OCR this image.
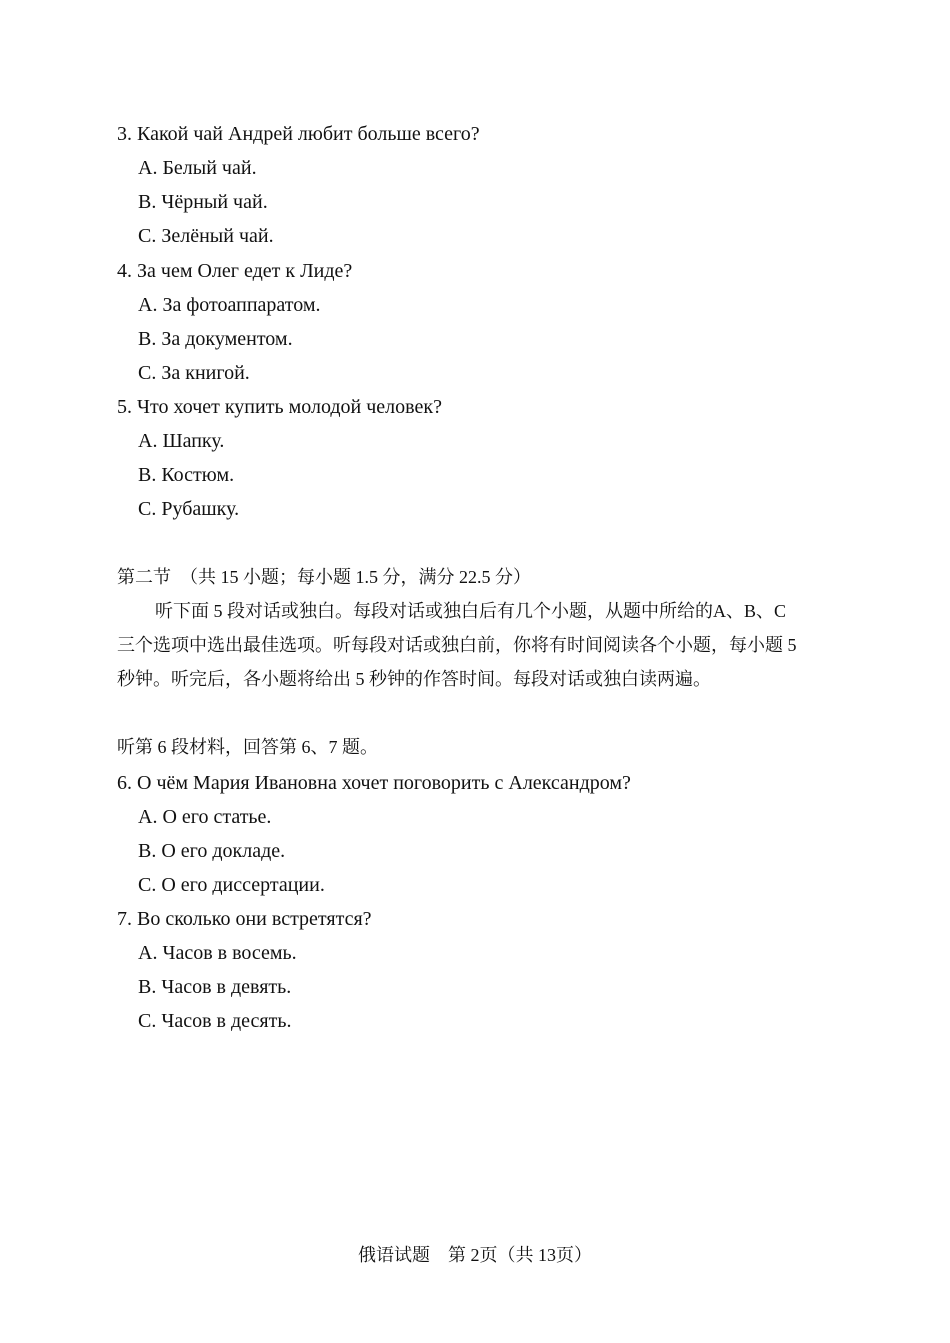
3. Какой чай Андрей любит больше всего?
A. Белый чай.
B. Чёрный чай.
C. Зелёный чай.
4. За чем Олег едет к Лиде?
A. За фотоаппаратом.
B. За документом.
C. За книгой.
5. Что хочет купить молодой человек?
A. Шапку.
B. Костюм.
C. Рубашку.
第二节　（共 15 小题；每小题 1.5 分，满分 22.5 分）
听下面 5 段对话或独白。每段对话或独白后有几个小题，从题中所给的A、B、C
三个选项中选出最佳选项。听每段对话或独白前，你将有时间阅读各个小题，每小题 5
秒钟。听完后，各小题将给出 5 秒钟的作答时间。每段对话或独白读两遍。
听第 6 段材料，回答第 6、7 题。
6. О чём Мария Ивановна хочет поговорить с Александром?
A. О его статье.
B. О его докладе.
C. О его диссертации.
7. Во сколько они встретятся?
A. Часов в восемь.
B. Часов в девять.
C. Часов в десять.
俄语试题　第 2页（共 13页）
